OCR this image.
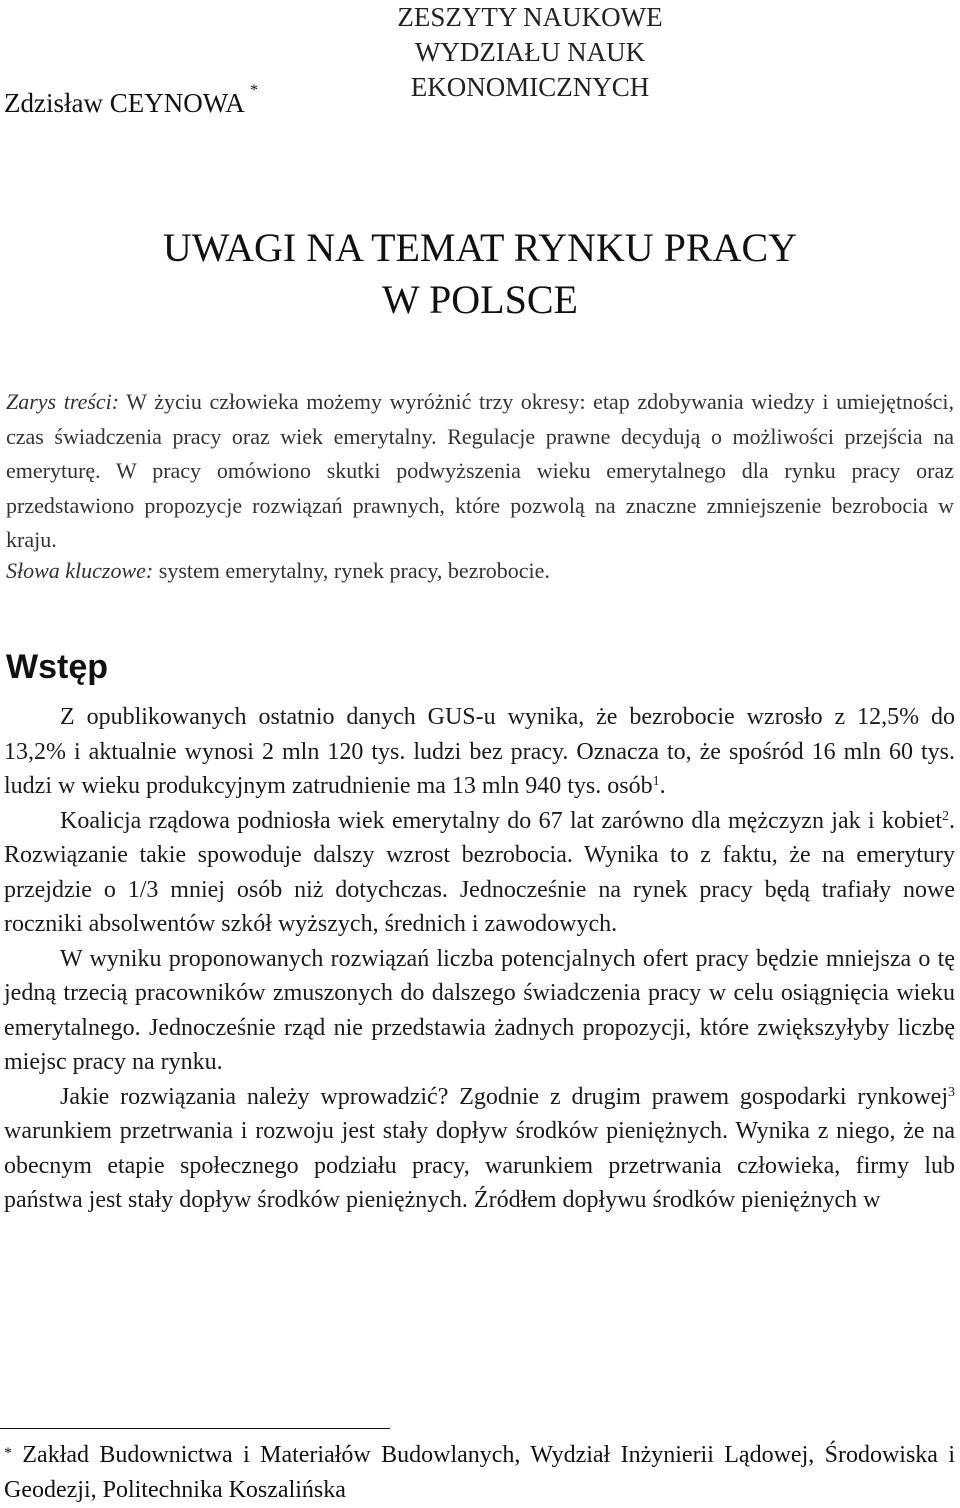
ZESZYTY NAUKOWE
WYDZIAŁU NAUK EKONOMICZNYCH
Zdzisław CEYNOWA *
UWAGI NA TEMAT RYNKU PRACY
W POLSCE
Zarys treści: W życiu człowieka możemy wyróżnić trzy okresy: etap zdobywania wiedzy i umiejętności, czas świadczenia pracy oraz wiek emerytalny. Regulacje prawne decydują o możliwości przejścia na emeryturę. W pracy omówiono skutki podwyższenia wieku emerytalnego dla rynku pracy oraz przedstawiono propozycje rozwiązań prawnych, które pozwolą na znaczne zmniejszenie bezrobocia w kraju.
Słowa kluczowe: system emerytalny, rynek pracy, bezrobocie.
Wstęp

Z opublikowanych ostatnio danych GUS-u wynika, że bezrobocie wzrosło z 12,5% do 13,2% i aktualnie wynosi 2 mln 120 tys. ludzi bez pracy. Oznacza to, że spośród 16 mln 60 tys. ludzi w wieku produkcyjnym zatrudnienie ma 13 mln 940 tys. osób$^1$.

Koalicja rządowa podniosła wiek emerytalny do 67 lat zarówno dla mężczyzn jak i kobiet$^2$. Rozwiązanie takie spowoduje dalszy wzrost bezrobocia. Wynika to z faktu, że na emerytury przejdzie o 1/3 mniej osób niż dotychczas. Jednocześnie na rynek pracy będą trafiały nowe roczniki absolwentów szkół wyższych, średnich i zawodowych.

W wyniku proponowanych rozwiązań liczba potencjalnych ofert pracy będzie mniejsza o tę jedną trzecią pracowników zmuszonych do dalszego świadczenia pracy w celu osiągnięcia wieku emerytalnego. Jednocześnie rząd nie przedstawia żadnych propozycji, które zwiększyłyby liczbę miejsc pracy na rynku.

Jakie rozwiązania należy wprowadzić? Zgodnie z drugim prawem gospodarki rynkowej$^3$ warunkiem przetrwania i rozwoju jest stały dopływ środków pieniężnych. Wynika z niego, że na obecnym etapie społecznego podziału pracy, warunkiem przetrwania człowieka, firmy lub państwa jest stały dopływ środków pieniężnych. Źródłem dopływu środków pieniężnych w

* Zakład Budownictwa i Materiałów Budowlanych, Wydział Inżynierii Lądowej, Środowiska i Geodezji, Politechnika Koszalińska
